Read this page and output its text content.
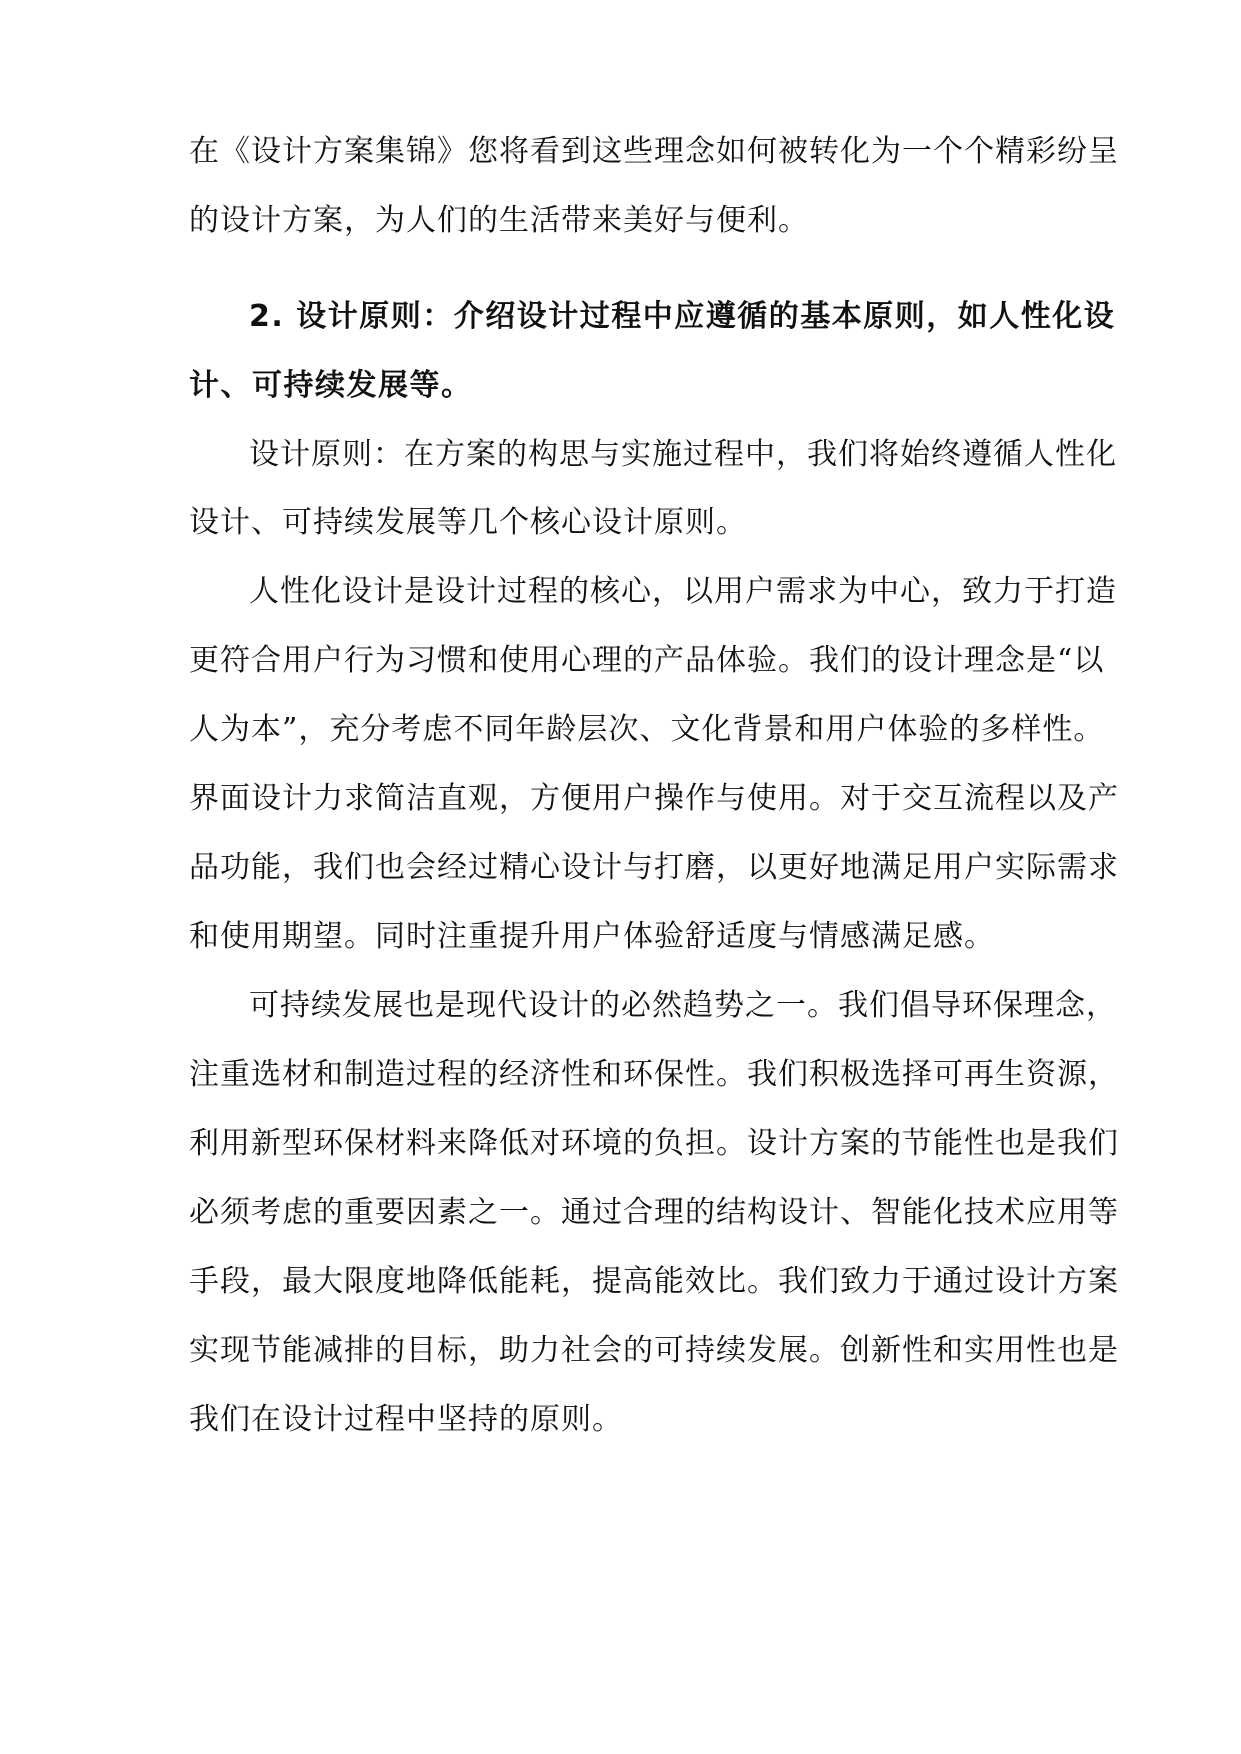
在《设计方案集锦》您将看到这些理念如何被转化为一个个精彩纷呈
的设计方案，为人们的生活带来美好与便利。
2. 设计原则：介绍设计过程中应遵循的基本原则，如人性化设
计、可持续发展等。
设计原则：在方案的构思与实施过程中，我们将始终遵循人性化
设计、可持续发展等几个核心设计原则。
人性化设计是设计过程的核心，以用户需求为中心，致力于打造
更符合用户行为习惯和使用心理的产品体验。我们的设计理念是“以
人为本”，充分考虑不同年龄层次、文化背景和用户体验的多样性。
界面设计力求简洁直观，方便用户操作与使用。对于交互流程以及产
品功能，我们也会经过精心设计与打磨，以更好地满足用户实际需求
和使用期望。同时注重提升用户体验舒适度与情感满足感。
可持续发展也是现代设计的必然趋势之一。我们倡导环保理念，
注重选材和制造过程的经济性和环保性。我们积极选择可再生资源，
利用新型环保材料来降低对环境的负担。设计方案的节能性也是我们
必须考虑的重要因素之一。通过合理的结构设计、智能化技术应用等
手段，最大限度地降低能耗，提高能效比。我们致力于通过设计方案
实现节能减排的目标，助力社会的可持续发展。创新性和实用性也是
我们在设计过程中坚持的原则。
